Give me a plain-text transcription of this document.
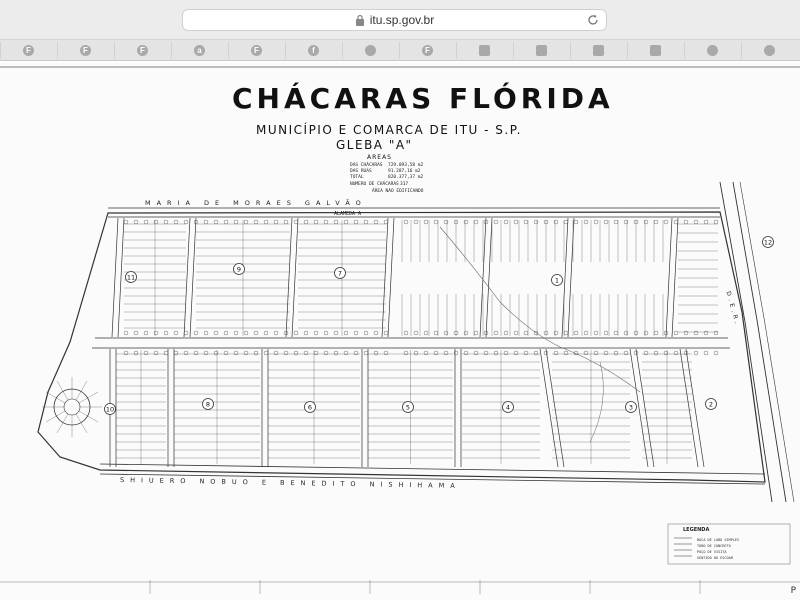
itu.sp.gov.br
F	F	F	a	F	f	F
1
2
3
4
5
6
7
8
9
10
11
12
CHÁCARAS FLÓRIDA
MUNICÍPIO E COMARCA DE ITU - S.P.
GLEBA "A"
AREAS
DAS CHÁCARAS 729.093,58 m2
DAS RUAS	91.287,16 m2
TOTAL	820.377,37 m2
NUMERO DE CHÁCARAS 317
ÁREA NÃO EDIFICANDO
MARIA DE MORAES GALVÃO
SHIUERO NOBUO E BENEDITO NISHIHAMA
D.E.R.
ALAMEDA A
LEGENDA
BOCA DE LOBO SIMPLES
TUBO DE CONCRETO
POÇO DE VISITA
SENTIDO DO ESCOAM
P
